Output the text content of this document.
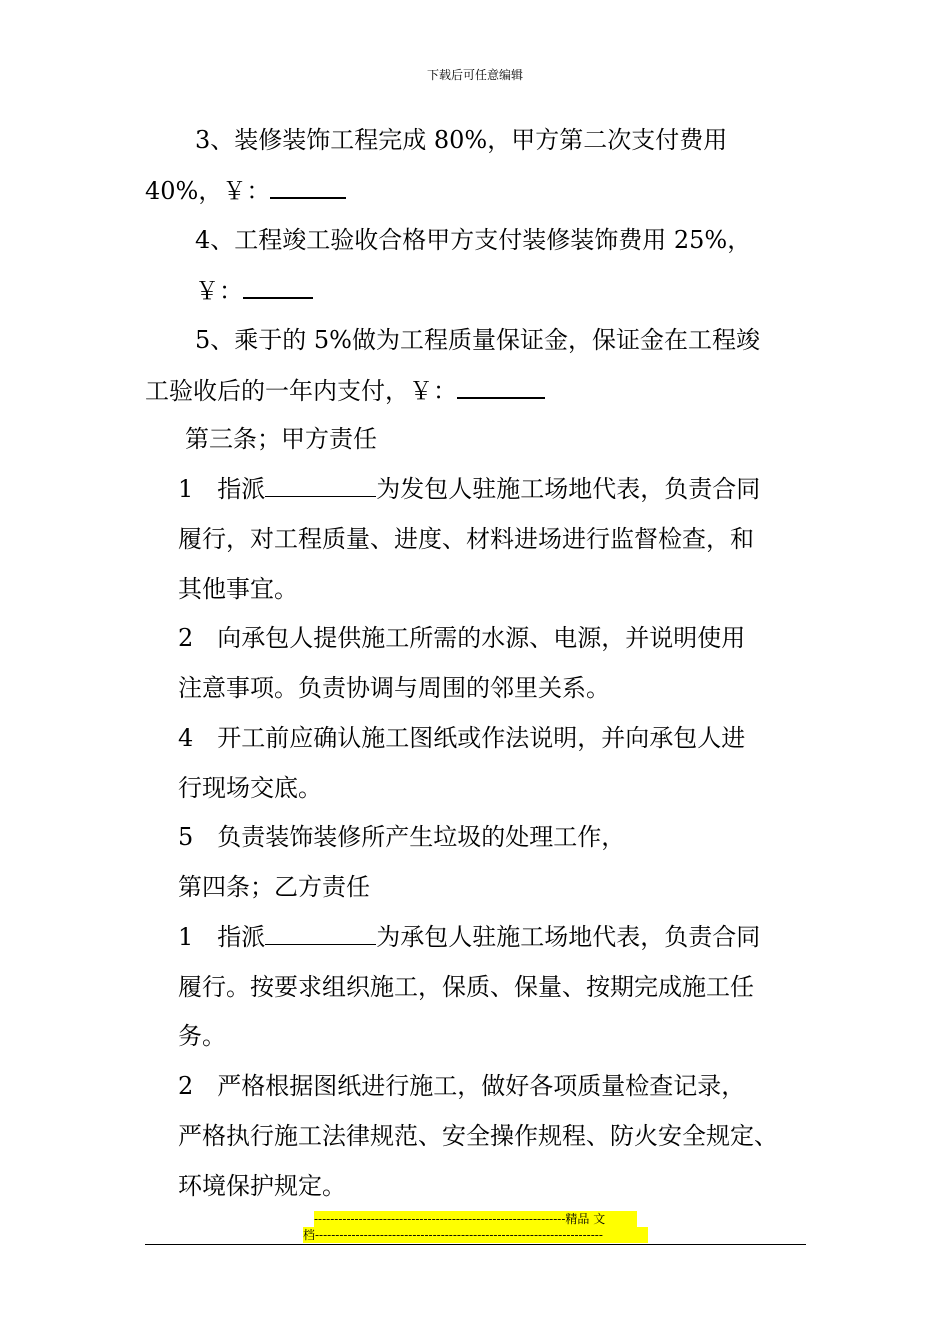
下载后可任意编辑
3、装修装饰工程完成 80%，甲方第二次支付费用
40%，￥：
4、工程竣工验收合格甲方支付装修装饰费用 25%，
￥：
5、乘于的 5%做为工程质量保证金，保证金在工程竣
工验收后的一年内支付，￥：
第三条；甲方责任
1　指派	为发包人驻施工场地代表，负责合同
履行，对工程质量、进度、材料进场进行监督检查，和
其他事宜。
2　向承包人提供施工所需的水源、电源，并说明使用
注意事项。负责协调与周围的邻里关系。
4　开工前应确认施工图纸或作法说明，并向承包人进
行现场交底。
5　负责装饰装修所产生垃圾的处理工作，
第四条；乙方责任
1　指派	为承包人驻施工场地代表，负责合同
履行。按要求组织施工，保质、保量、按期完成施工任
务。
2　严格根据图纸进行施工，做好各项质量检查记录，
严格执行施工法律规范、安全操作规程、防火安全规定、
环境保护规定。
--------------------------------------------------------------精品 文
档-----------------------------------------------------------------------
